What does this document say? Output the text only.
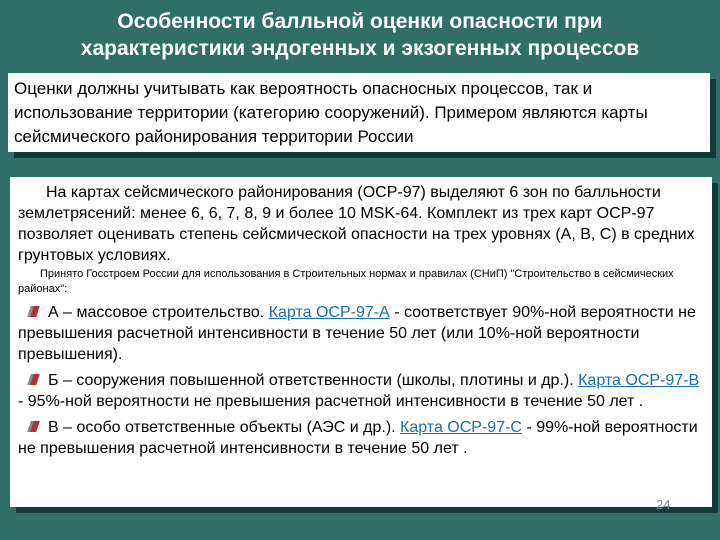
Особенности балльной оценки опасности при
характеристики эндогенных и экзогенных процессов
Оценки должны учитывать как вероятность опасносных процессов, так и использование территории (категорию сооружений). Примером являются карты сейсмического районирования территории России
На картах сейсмического районирования (ОСР-97) выделяют 6 зон по балльности землетрясений: менее 6, 6, 7, 8, 9 и более 10 MSK-64. Комплект из трех карт ОСР-97 позволяет оценивать степень сейсмической опасности на трех уровнях (А, В, С) в средних грунтовых условиях.
Принято Госстроем России для использования в Строительных нормах и правилах (СНиП) "Строительство в сейсмических районах":
А – массовое строительство. Карта ОСР-97-А - соответствует 90%-ной вероятности не превышения расчетной интенсивности в течение 50 лет (или 10%-ной вероятности превышения).
Б – сооружения повышенной ответственности (школы, плотины и др.). Карта ОСР-97-В - 95%-ной вероятности не превышения расчетной интенсивности в течение 50 лет .
В – особо ответственные объекты (АЭС и др.). Карта ОСР-97-С - 99%-ной вероятности не превышения расчетной интенсивности в течение 50 лет .
24
